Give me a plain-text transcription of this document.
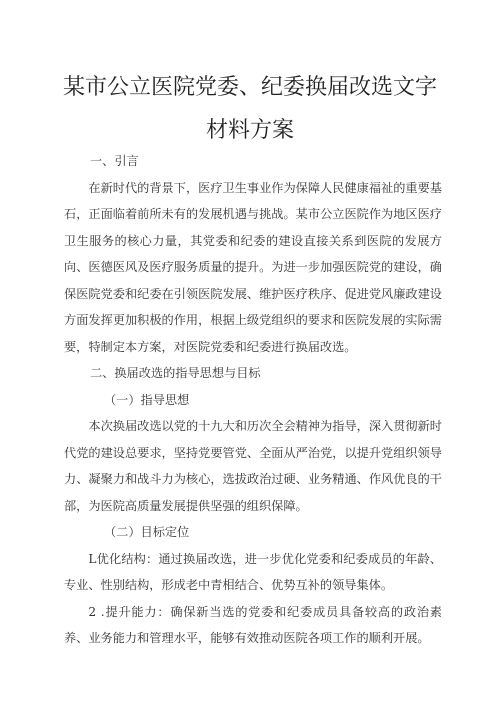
某市公立医院党委、纪委换届改选文字
材料方案

一、引言

在新时代的背景下，医疗卫生事业作为保障人民健康福祉的重要基石，正面临着前所未有的发展机遇与挑战。某市公立医院作为地区医疗卫生服务的核心力量，其党委和纪委的建设直接关系到医院的发展方向、医德医风及医疗服务质量的提升。为进一步加强医院党的建设，确保医院党委和纪委在引领医院发展、维护医疗秩序、促进党风廉政建设方面发挥更加积极的作用，根据上级党组织的要求和医院发展的实际需要，特制定本方案，对医院党委和纪委进行换届改选。

二、换届改选的指导思想与目标

（一）指导思想

本次换届改选以党的十九大和历次全会精神为指导，深入贯彻新时代党的建设总要求，坚持党要管党、全面从严治党，以提升党组织领导力、凝聚力和战斗力为核心，选拔政治过硬、业务精通、作风优良的干部，为医院高质量发展提供坚强的组织保障。

（二）目标定位

L优化结构：通过换届改选，进一步优化党委和纪委成员的年龄、专业、性别结构，形成老中青相结合、优势互补的领导集体。

2 .提升能力：确保新当选的党委和纪委成员具备较高的政治素养、业务能力和管理水平，能够有效推动医院各项工作的顺利开展。
